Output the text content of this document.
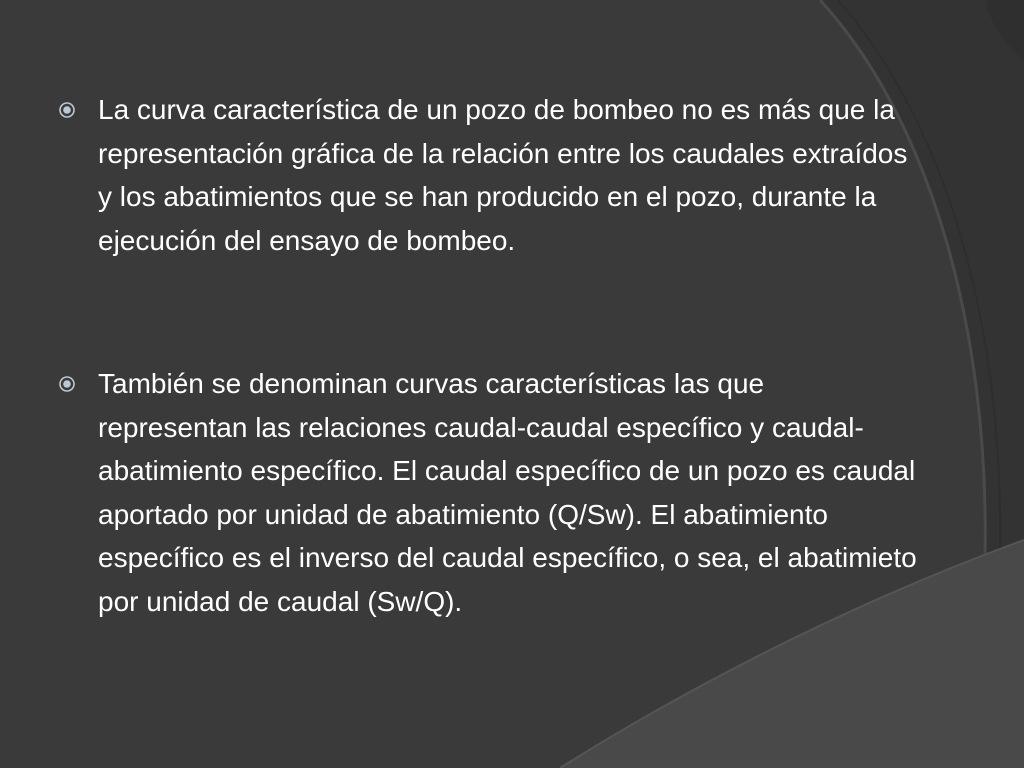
La curva característica de un pozo de bombeo no es más que la representación gráfica de la relación entre los caudales extraídos y los abatimientos que se han producido en el pozo, durante la ejecución del ensayo de bombeo.
También se denominan curvas características las que representan las relaciones caudal-caudal específico y caudal-abatimiento específico. El caudal específico de un pozo es caudal aportado por unidad de abatimiento (Q/Sw). El abatimiento específico es el inverso del caudal específico, o sea, el abatimieto por unidad de caudal (Sw/Q).
